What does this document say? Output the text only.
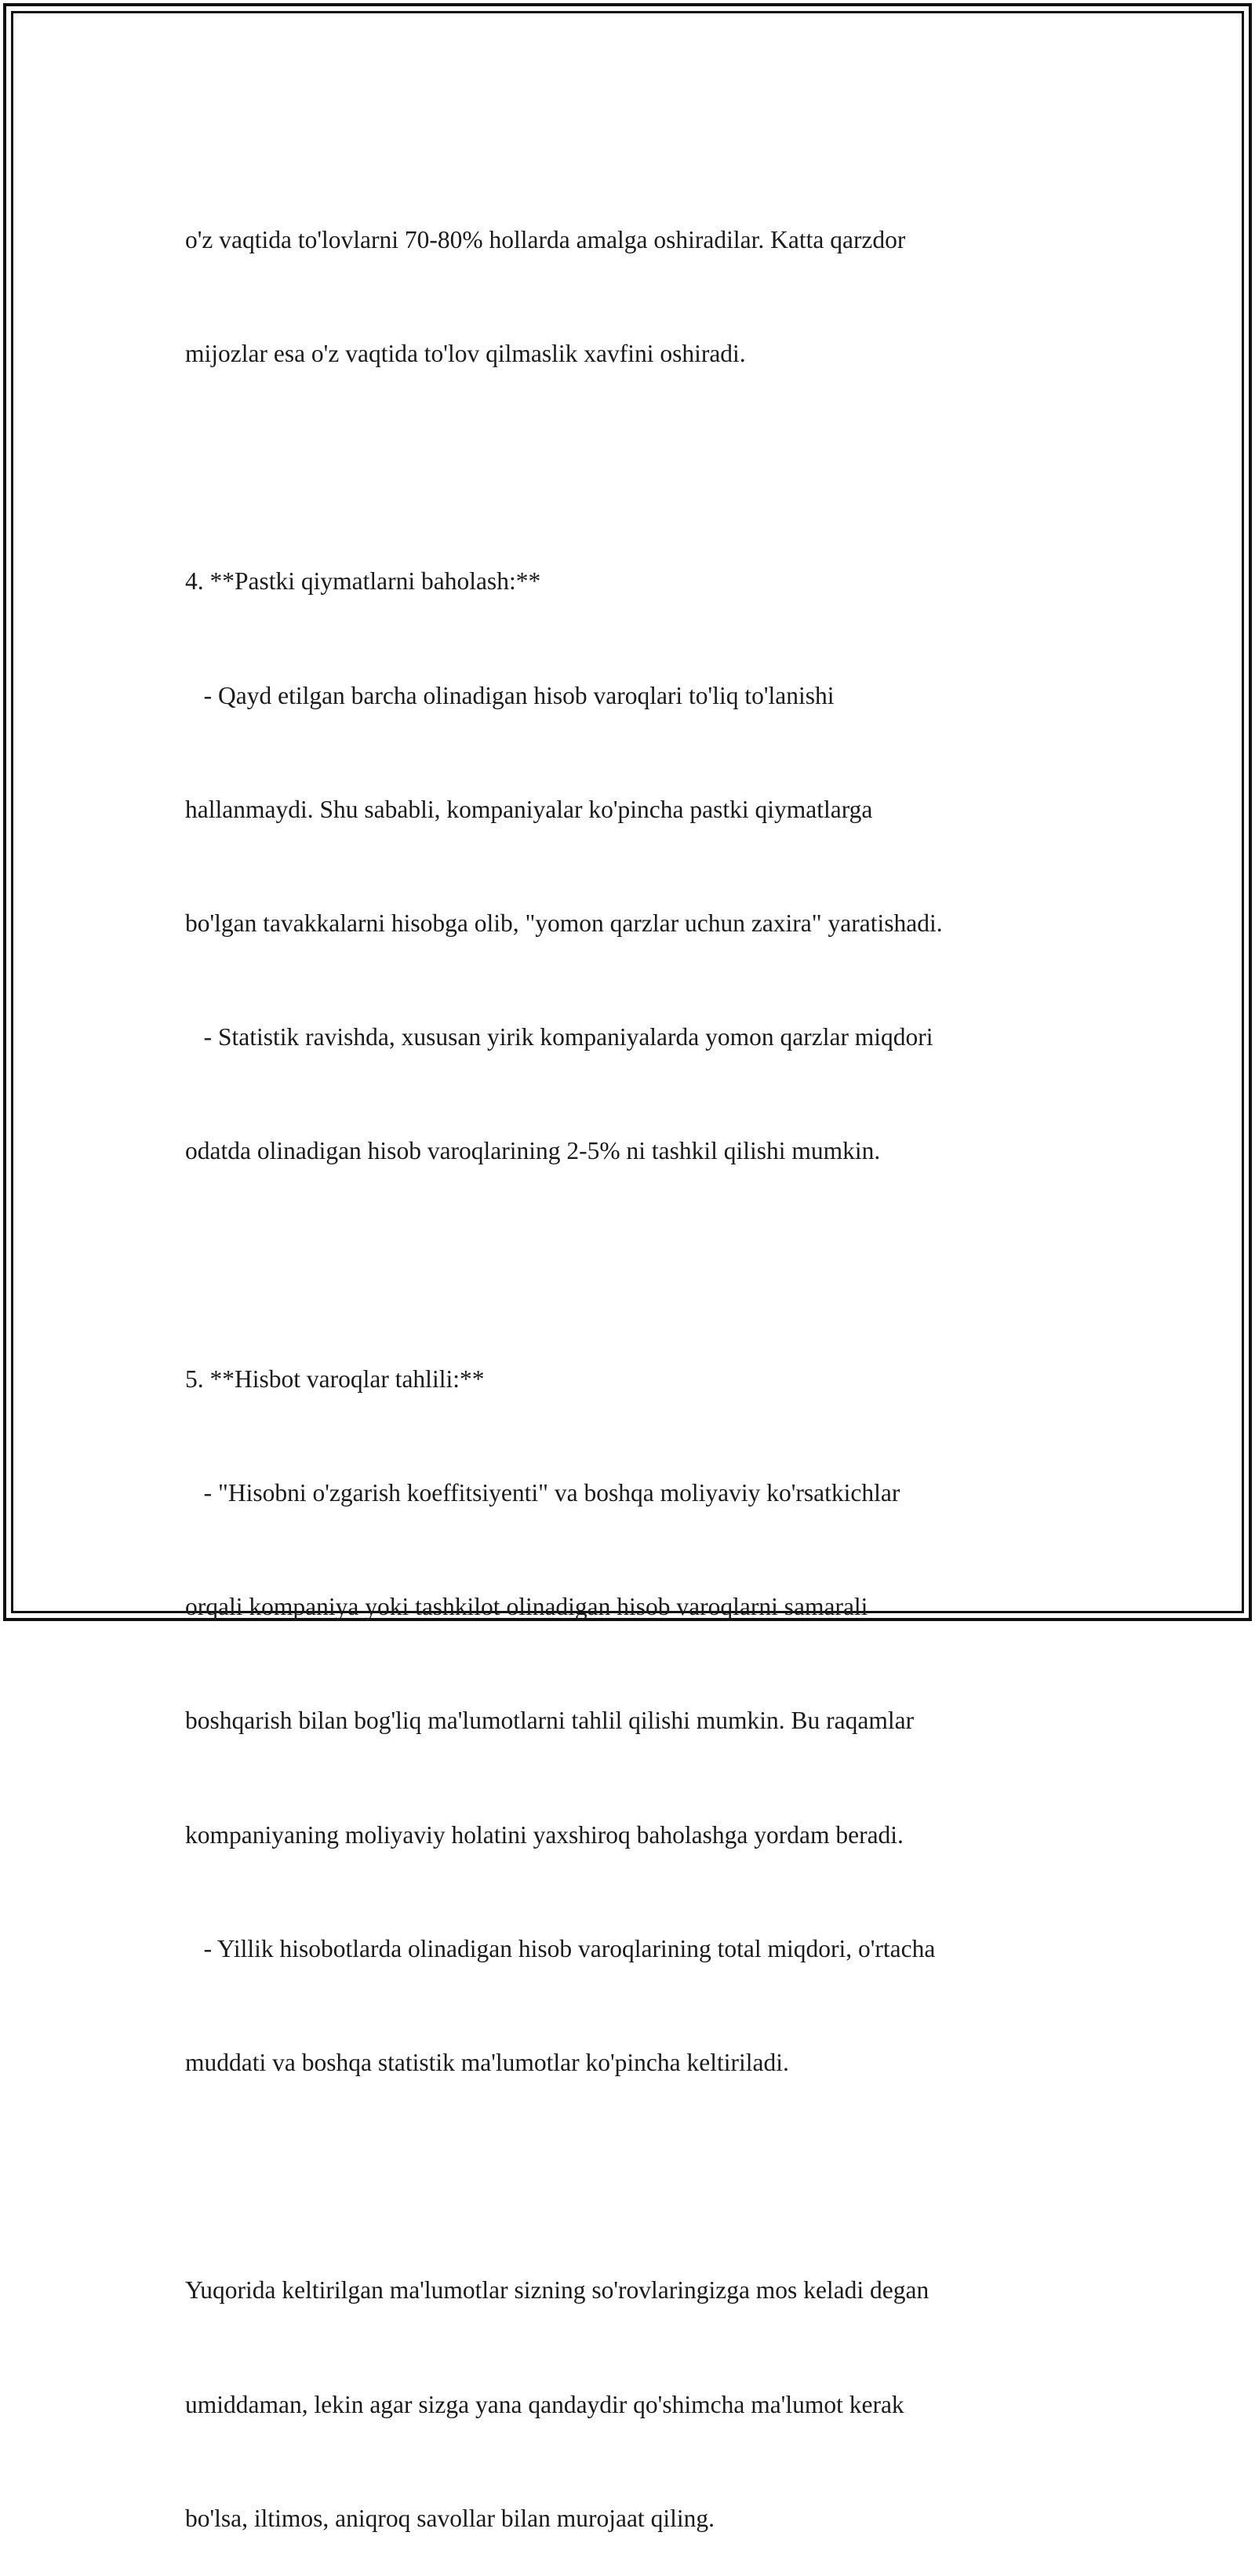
o'z vaqtida to'lovlarni 70-80% hollarda amalga oshiradilar. Katta qarzdor

mijozlar esa o'z vaqtida to'lov qilmaslik xavfini oshiradi.

4. **Pastki qiymatlarni baholash:**

- Qayd etilgan barcha olinadigan hisob varoqlari to'liq to'lanishi

hallanmaydi. Shu sababli, kompaniyalar ko'pincha pastki qiymatlarga

bo'lgan tavakkalarni hisobga olib, "yomon qarzlar uchun zaxira" yaratishadi.

- Statistik ravishda, xususan yirik kompaniyalarda yomon qarzlar miqdori

odatda olinadigan hisob varoqlarining 2-5% ni tashkil qilishi mumkin.

5. **Hisbot varoqlar tahlili:**

- "Hisobni o'zgarish koeffitsiyenti" va boshqa moliyaviy ko'rsatkichlar

orqali kompaniya yoki tashkilot olinadigan hisob varoqlarni samarali

boshqarish bilan bog'liq ma'lumotlarni tahlil qilishi mumkin. Bu raqamlar

kompaniyaning moliyaviy holatini yaxshiroq baholashga yordam beradi.

- Yillik hisobotlarda olinadigan hisob varoqlarining total miqdori, o'rtacha

muddati va boshqa statistik ma'lumotlar ko'pincha keltiriladi.

Yuqorida keltirilgan ma'lumotlar sizning so'rovlaringizga mos keladi degan

umiddaman, lekin agar sizga yana qandaydir qo'shimcha ma'lumot kerak

bo'lsa, iltimos, aniqroq savollar bilan murojaat qiling.
